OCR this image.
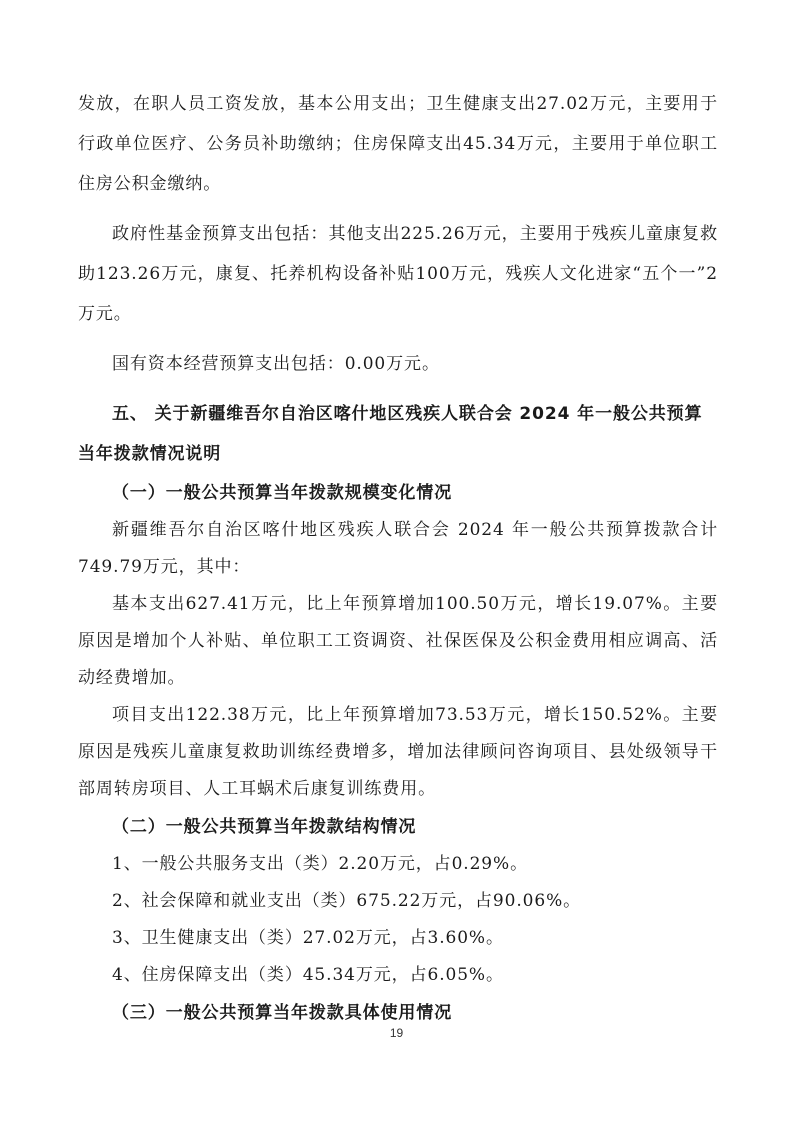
发放，在职人员工资发放，基本公用支出；卫生健康支出27.02万元，主要用于行政单位医疗、公务员补助缴纳；住房保障支出45.34万元，主要用于单位职工住房公积金缴纳。

政府性基金预算支出包括：其他支出225.26万元，主要用于残疾儿童康复救助123.26万元，康复、托养机构设备补贴100万元，残疾人文化进家“五个一”2万元。

国有资本经营预算支出包括：0.00万元。

五、 关于新疆维吾尔自治区喀什地区残疾人联合会 2024 年一般公共预算当年拨款情况说明
（一）一般公共预算当年拨款规模变化情况

新疆维吾尔自治区喀什地区残疾人联合会 2024 年一般公共预算拨款合计749.79万元，其中：

基本支出627.41万元，比上年预算增加100.50万元，增长19.07%。主要原因是增加个人补贴、单位职工工资调资、社保医保及公积金费用相应调高、活动经费增加。

项目支出122.38万元，比上年预算增加73.53万元，增长150.52%。主要原因是残疾儿童康复救助训练经费增多，增加法律顾问咨询项目、县处级领导干部周转房项目、人工耳蜗术后康复训练费用。

（二）一般公共预算当年拨款结构情况

1、一般公共服务支出（类）2.20万元，占0.29%。

2、社会保障和就业支出（类）675.22万元，占90.06%。

3、卫生健康支出（类）27.02万元，占3.60%。

4、住房保障支出（类）45.34万元，占6.05%。

（三）一般公共预算当年拨款具体使用情况
19
